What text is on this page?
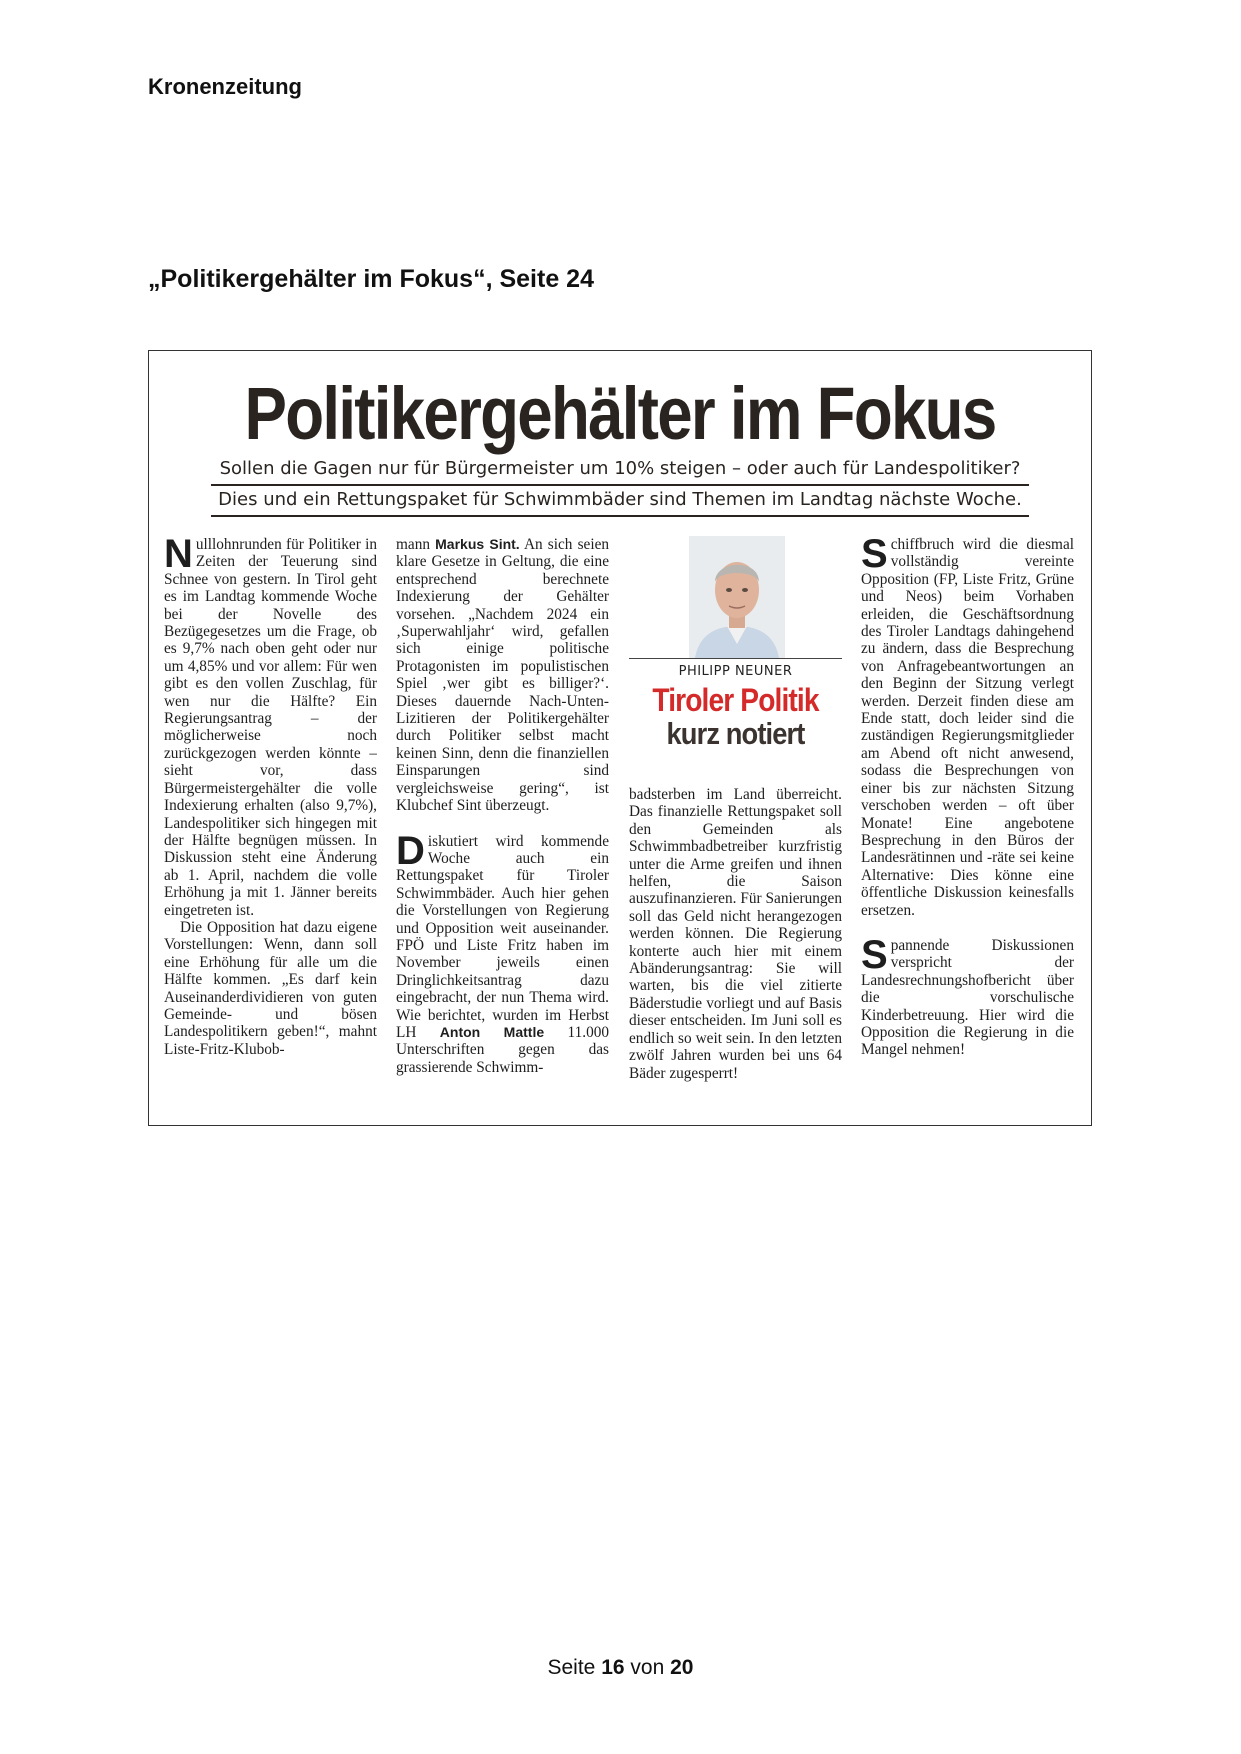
Kronenzeitung
„Politikergehälter im Fokus“, Seite 24
Politikergehälter im Fokus
Sollen die Gagen nur für Bürgermeister um 10% steigen – oder auch für Landespolitiker?
Dies und ein Rettungspaket für Schwimmbäder sind Themen im Landtag nächste Woche.

Nulllohnrunden für Politiker in Zeiten der Teuerung sind Schnee von gestern. In Tirol geht es im Landtag kommende Woche bei der Novelle des Bezügegesetzes um die Frage, ob es 9,7% nach oben geht oder nur um 4,85% und vor allem: Für wen gibt es den vollen Zuschlag, für wen nur die Hälfte? Ein Regierungsantrag – der möglicherweise noch zurückgezogen werden könnte – sieht vor, dass Bürgermeistergehälter die volle Indexierung erhalten (also 9,7%), Landespolitiker sich hingegen mit der Hälfte begnügen müssen. In Diskussion steht eine Änderung ab 1. April, nachdem die volle Erhöhung ja mit 1. Jänner bereits eingetreten ist.

Die Opposition hat dazu eigene Vorstellungen: Wenn, dann soll eine Erhöhung für alle um die Hälfte kommen. „Es darf kein Auseinanderdividieren von guten Gemeinde- und bösen Landespolitikern geben!“, mahnt Liste-Fritz-Klubob-

mann Markus Sint. An sich seien klare Gesetze in Geltung, die eine entsprechend berechnete Indexierung der Gehälter vorsehen. „Nachdem 2024 ein ‚Superwahljahr‘ wird, gefallen sich einige politische Protagonisten im populistischen Spiel ‚wer gibt es billiger?‘. Dieses dauernde Nach-Unten-Lizitieren der Politikergehälter durch Politiker selbst macht keinen Sinn, denn die finanziellen Einsparungen sind vergleichsweise gering“, ist Klubchef Sint überzeugt.

Diskutiert wird kommende Woche auch ein Rettungspaket für Tiroler Schwimmbäder. Auch hier gehen die Vorstellungen von Regierung und Opposition weit auseinander. FPÖ und Liste Fritz haben im November jeweils einen Dringlichkeitsantrag dazu eingebracht, der nun Thema wird. Wie berichtet, wurden im Herbst LH Anton Mattle 11.000 Unterschriften gegen das grassierende Schwimm-

PHILIPP NEUNER
Tiroler Politik
kurz notiert

badsterben im Land überreicht. Das finanzielle Rettungspaket soll den Gemeinden als Schwimmbadbetreiber kurzfristig unter die Arme greifen und ihnen helfen, die Saison auszufinanzieren. Für Sanierungen soll das Geld nicht herangezogen werden können. Die Regierung konterte auch hier mit einem Abänderungsantrag: Sie will warten, bis die viel zitierte Bäderstudie vorliegt und auf Basis dieser entscheiden. Im Juni soll es endlich so weit sein. In den letzten zwölf Jahren wurden bei uns 64 Bäder zugesperrt!

Schiffbruch wird die diesmal vollständig vereinte Opposition (FP, Liste Fritz, Grüne und Neos) beim Vorhaben erleiden, die Geschäftsordnung des Tiroler Landtags dahingehend zu ändern, dass die Besprechung von Anfragebeantwortungen an den Beginn der Sitzung verlegt werden. Derzeit finden diese am Ende statt, doch leider sind die zuständigen Regierungsmitglieder am Abend oft nicht anwesend, sodass die Besprechungen von einer bis zur nächsten Sitzung verschoben werden – oft über Monate! Eine angebotene Besprechung in den Büros der Landesrätinnen und -räte sei keine Alternative: Dies könne eine öffentliche Diskussion keinesfalls ersetzen.

Spannende Diskussionen verspricht der Landesrechnungshofbericht über die vorschulische Kinderbetreuung. Hier wird die Opposition die Regierung in die Mangel nehmen!

Seite 16 von 20
